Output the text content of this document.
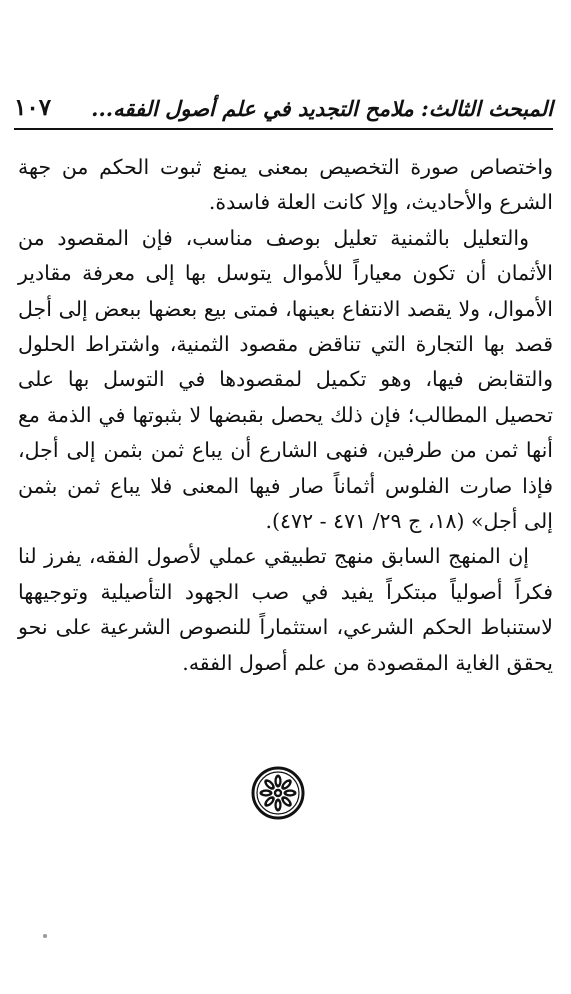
المبحث الثالث: ملامح التجديد في علم أصول الفقه...
١٠٧

واختصاص صورة التخصيص بمعنى يمنع ثبوت الحكم من جهة الشرع والأحاديث، وإلا كانت العلة فاسدة.

والتعليل بالثمنية تعليل بوصف مناسب، فإن المقصود من الأثمان أن تكون معياراً للأموال يتوسل بها إلى معرفة مقادير الأموال، ولا يقصد الانتفاع بعينها، فمتى بيع بعضها ببعض إلى أجل قصد بها التجارة التي تناقض مقصود الثمنية، واشتراط الحلول والتقابض فيها، وهو تكميل لمقصودها في التوسل بها على تحصيل المطالب؛ فإن ذلك يحصل بقبضها لا بثبوتها في الذمة مع أنها ثمن من طرفين، فنهى الشارع أن يباع ثمن بثمن إلى أجل، فإذا صارت الفلوس أثماناً صار فيها المعنى فلا يباع ثمن بثمن إلى أجل» (١٨، ج ٢٩/ ٤٧١ - ٤٧٢).

إن المنهج السابق منهج تطبيقي عملي لأصول الفقه، يفرز لنا فكراً أصولياً مبتكراً يفيد في صب الجهود التأصيلية وتوجيهها لاستنباط الحكم الشرعي، استثماراً للنصوص الشرعية على نحو يحقق الغاية المقصودة من علم أصول الفقه.
